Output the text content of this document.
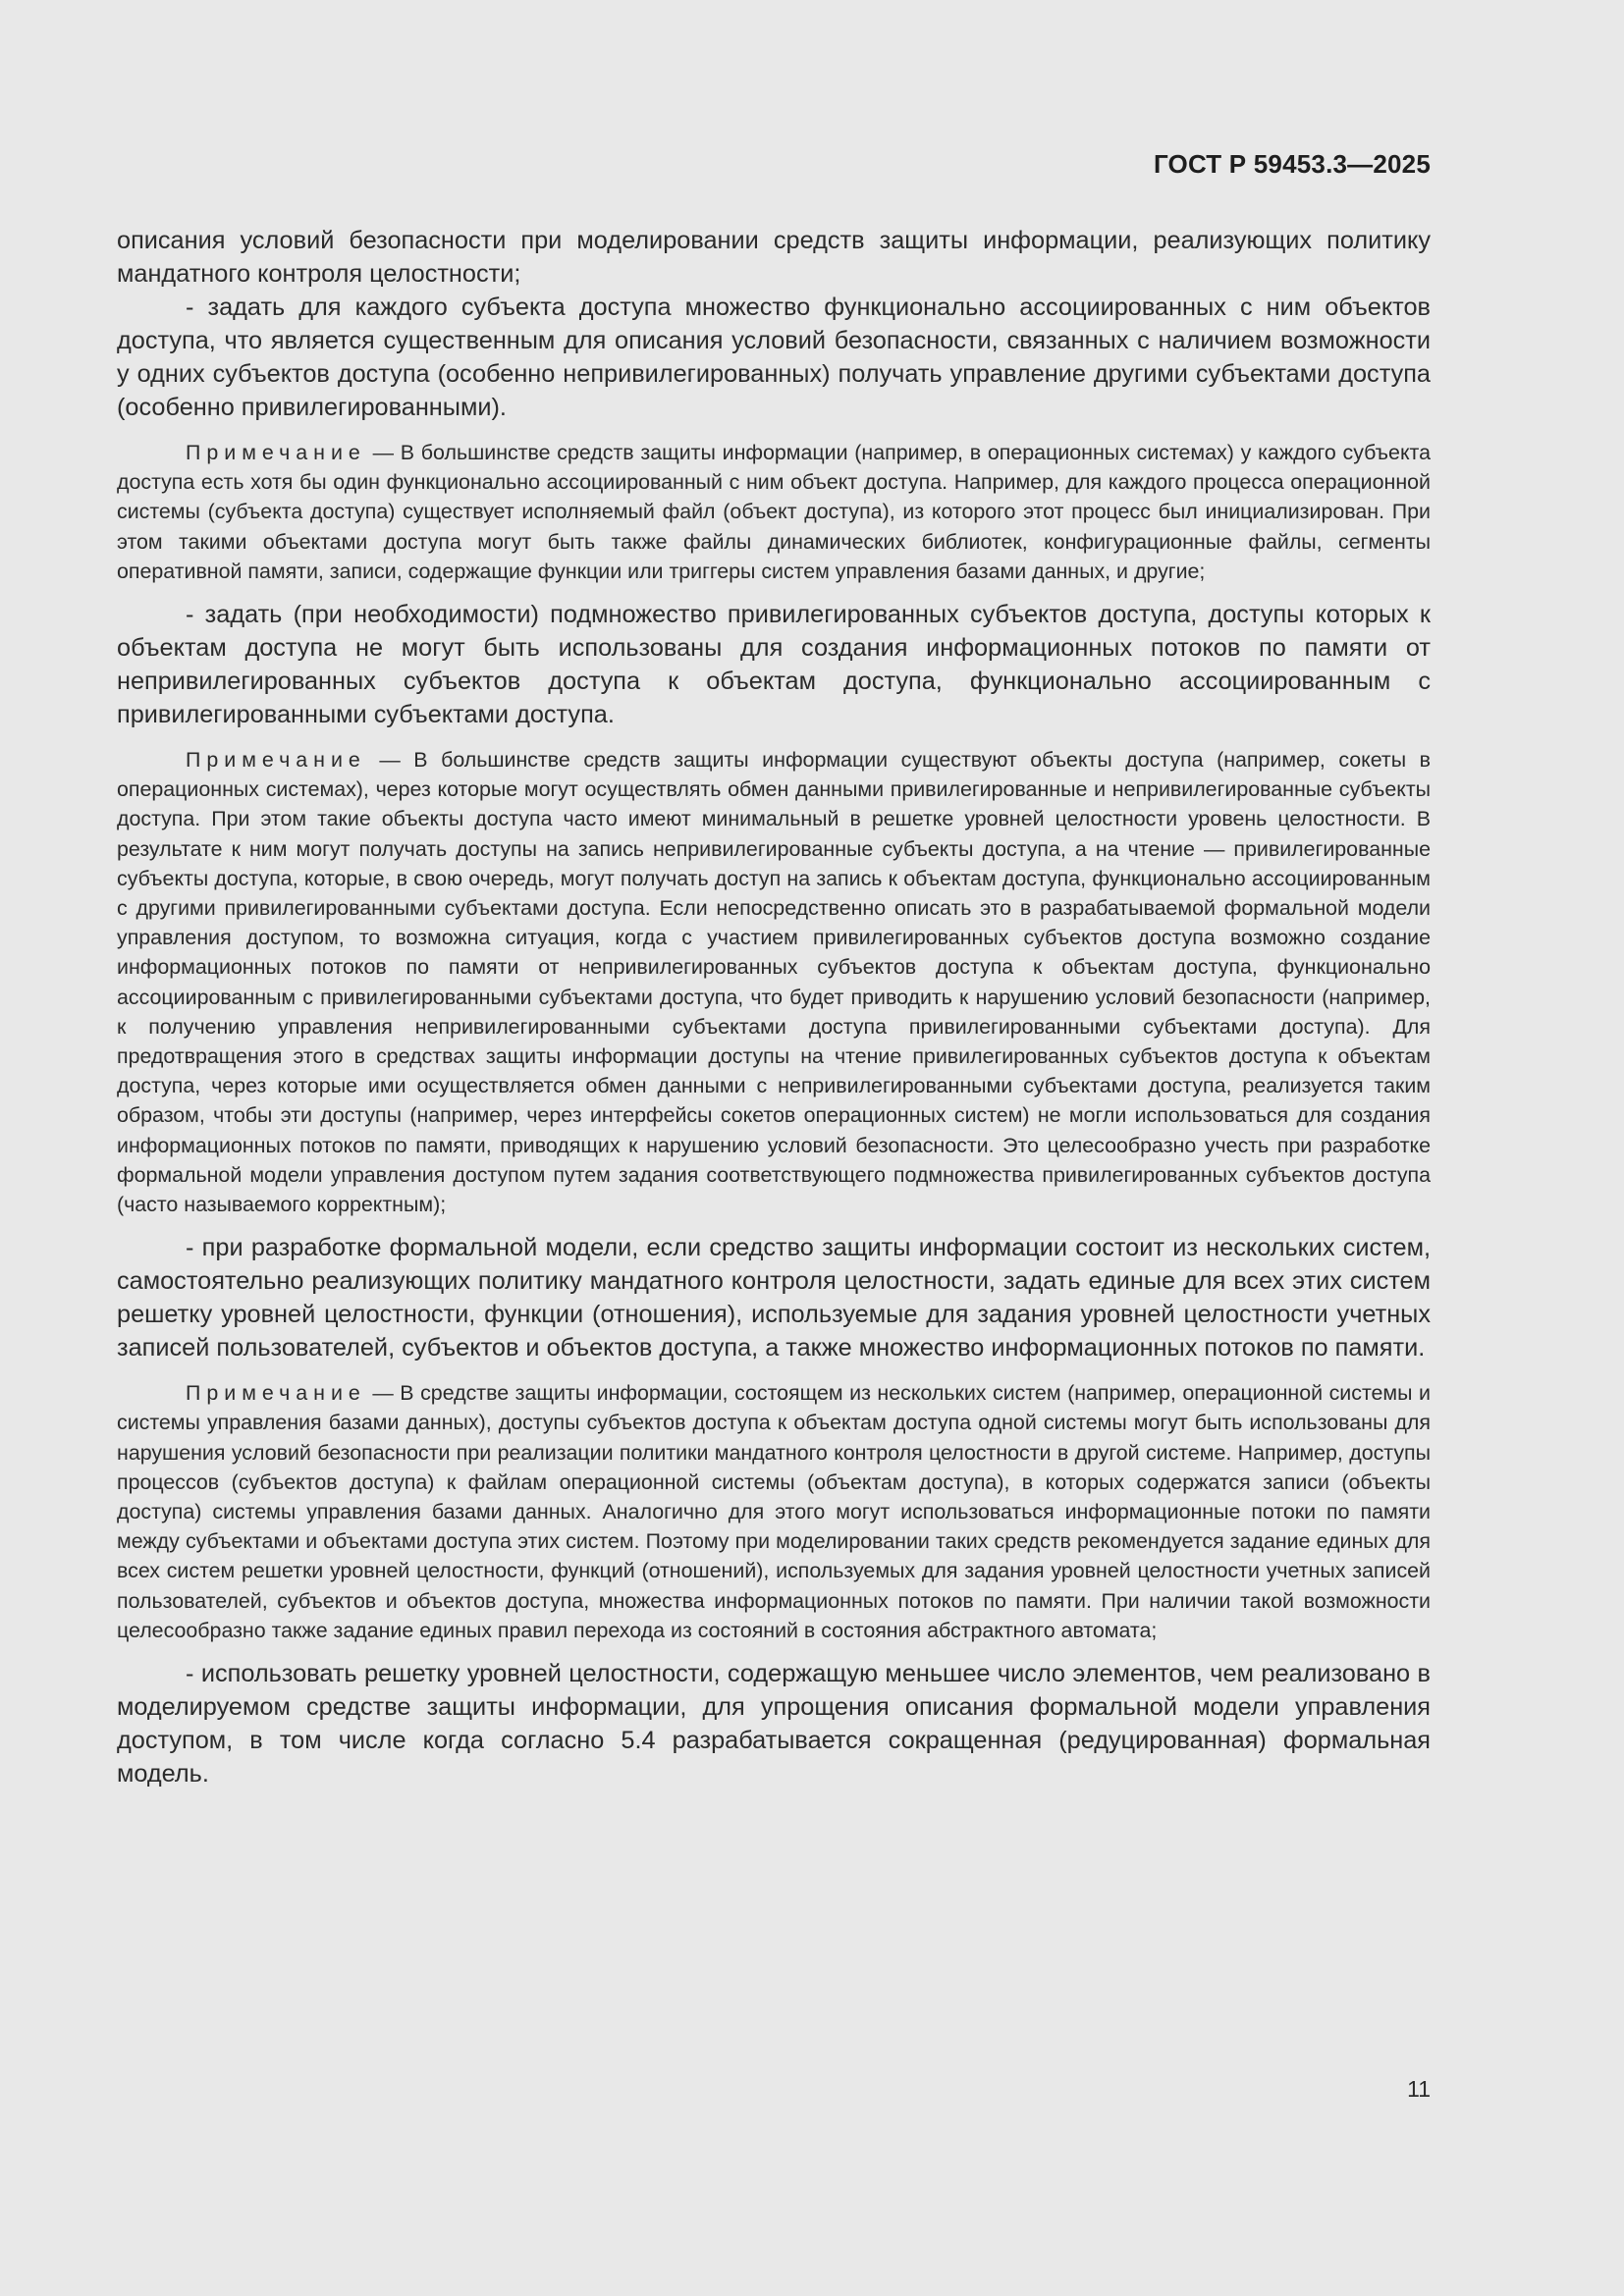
ГОСТ Р 59453.3—2025

описания условий безопасности при моделировании средств защиты информации, реализующих политику мандатного контроля целостности;

- задать для каждого субъекта доступа множество функционально ассоциированных с ним объектов доступа, что является существенным для описания условий безопасности, связанных с наличием возможности у одних субъектов доступа (особенно непривилегированных) получать управление другими субъектами доступа (особенно привилегированными).

Примечание — В большинстве средств защиты информации (например, в операционных системах) у каждого субъекта доступа есть хотя бы один функционально ассоциированный с ним объект доступа. Например, для каждого процесса операционной системы (субъекта доступа) существует исполняемый файл (объект доступа), из которого этот процесс был инициализирован. При этом такими объектами доступа могут быть также файлы динамических библиотек, конфигурационные файлы, сегменты оперативной памяти, записи, содержащие функции или триггеры систем управления базами данных, и другие;

- задать (при необходимости) подмножество привилегированных субъектов доступа, доступы которых к объектам доступа не могут быть использованы для создания информационных потоков по памяти от непривилегированных субъектов доступа к объектам доступа, функционально ассоциированным с привилегированными субъектами доступа.

Примечание — В большинстве средств защиты информации существуют объекты доступа (например, сокеты в операционных системах), через которые могут осуществлять обмен данными привилегированные и непривилегированные субъекты доступа. При этом такие объекты доступа часто имеют минимальный в решетке уровней целостности уровень целостности. В результате к ним могут получать доступы на запись непривилегированные субъекты доступа, а на чтение — привилегированные субъекты доступа, которые, в свою очередь, могут получать доступ на запись к объектам доступа, функционально ассоциированным с другими привилегированными субъектами доступа. Если непосредственно описать это в разрабатываемой формальной модели управления доступом, то возможна ситуация, когда с участием привилегированных субъектов доступа возможно создание информационных потоков по памяти от непривилегированных субъектов доступа к объектам доступа, функционально ассоциированным с привилегированными субъектами доступа, что будет приводить к нарушению условий безопасности (например, к получению управления непривилегированными субъектами доступа привилегированными субъектами доступа). Для предотвращения этого в средствах защиты информации доступы на чтение привилегированных субъектов доступа к объектам доступа, через которые ими осуществляется обмен данными с непривилегированными субъектами доступа, реализуется таким образом, чтобы эти доступы (например, через интерфейсы сокетов операционных систем) не могли использоваться для создания информационных потоков по памяти, приводящих к нарушению условий безопасности. Это целесообразно учесть при разработке формальной модели управления доступом путем задания соответствующего подмножества привилегированных субъектов доступа (часто называемого корректным);

- при разработке формальной модели, если средство защиты информации состоит из нескольких систем, самостоятельно реализующих политику мандатного контроля целостности, задать единые для всех этих систем решетку уровней целостности, функции (отношения), используемые для задания уровней целостности учетных записей пользователей, субъектов и объектов доступа, а также множество информационных потоков по памяти.

Примечание — В средстве защиты информации, состоящем из нескольких систем (например, операционной системы и системы управления базами данных), доступы субъектов доступа к объектам доступа одной системы могут быть использованы для нарушения условий безопасности при реализации политики мандатного контроля целостности в другой системе. Например, доступы процессов (субъектов доступа) к файлам операционной системы (объектам доступа), в которых содержатся записи (объекты доступа) системы управления базами данных. Аналогично для этого могут использоваться информационные потоки по памяти между субъектами и объектами доступа этих систем. Поэтому при моделировании таких средств рекомендуется задание единых для всех систем решетки уровней целостности, функций (отношений), используемых для задания уровней целостности учетных записей пользователей, субъектов и объектов доступа, множества информационных потоков по памяти. При наличии такой возможности целесообразно также задание единых правил перехода из состояний в состояния абстрактного автомата;

- использовать решетку уровней целостности, содержащую меньшее число элементов, чем реализовано в моделируемом средстве защиты информации, для упрощения описания формальной модели управления доступом, в том числе когда согласно 5.4 разрабатывается сокращенная (редуцированная) формальная модель.

11
